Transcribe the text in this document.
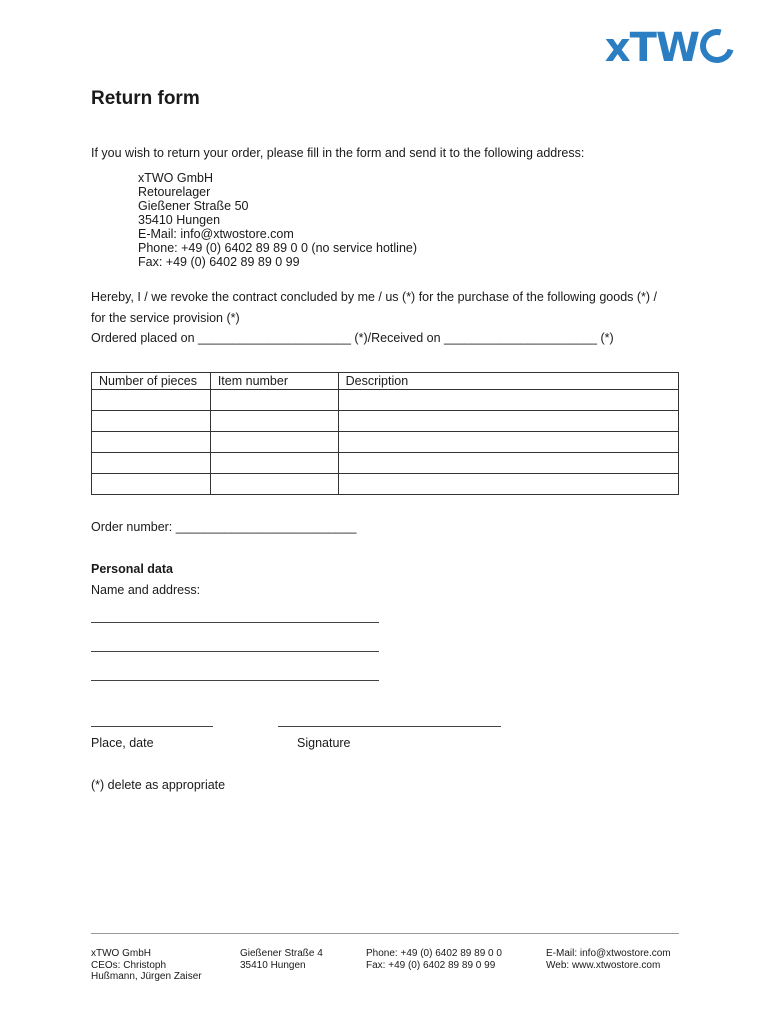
xTW
Return form
If you wish to return your order, please fill in the form and send it to the following address:
xTWO GmbH
Retourelager
Gießener Straße 50
35410 Hungen
E-Mail: info@xtwostore.com
Phone: +49 (0) 6402 89 89 0 0 (no service hotline)
Fax: +49 (0) 6402 89 89 0 99
Hereby, I / we revoke the contract concluded by me / us (*) for the purchase of the following goods (*) /
for the service provision (*)
Ordered placed on ______________________ (*)/Received on ______________________ (*)
Number of pieces	Item number	Description

Order number: __________________________
Personal data
Name and address:
Place, date	Signature
(*) delete as appropriate
xTWO GmbH
CEOs: Christoph
Hußmann, Jürgen Zaiser
Gießener Straße 4
35410 Hungen
Phone: +49 (0) 6402 89 89 0 0
Fax: +49 (0) 6402 89 89 0 99
E-Mail: info@xtwostore.com
Web: www.xtwostore.com
